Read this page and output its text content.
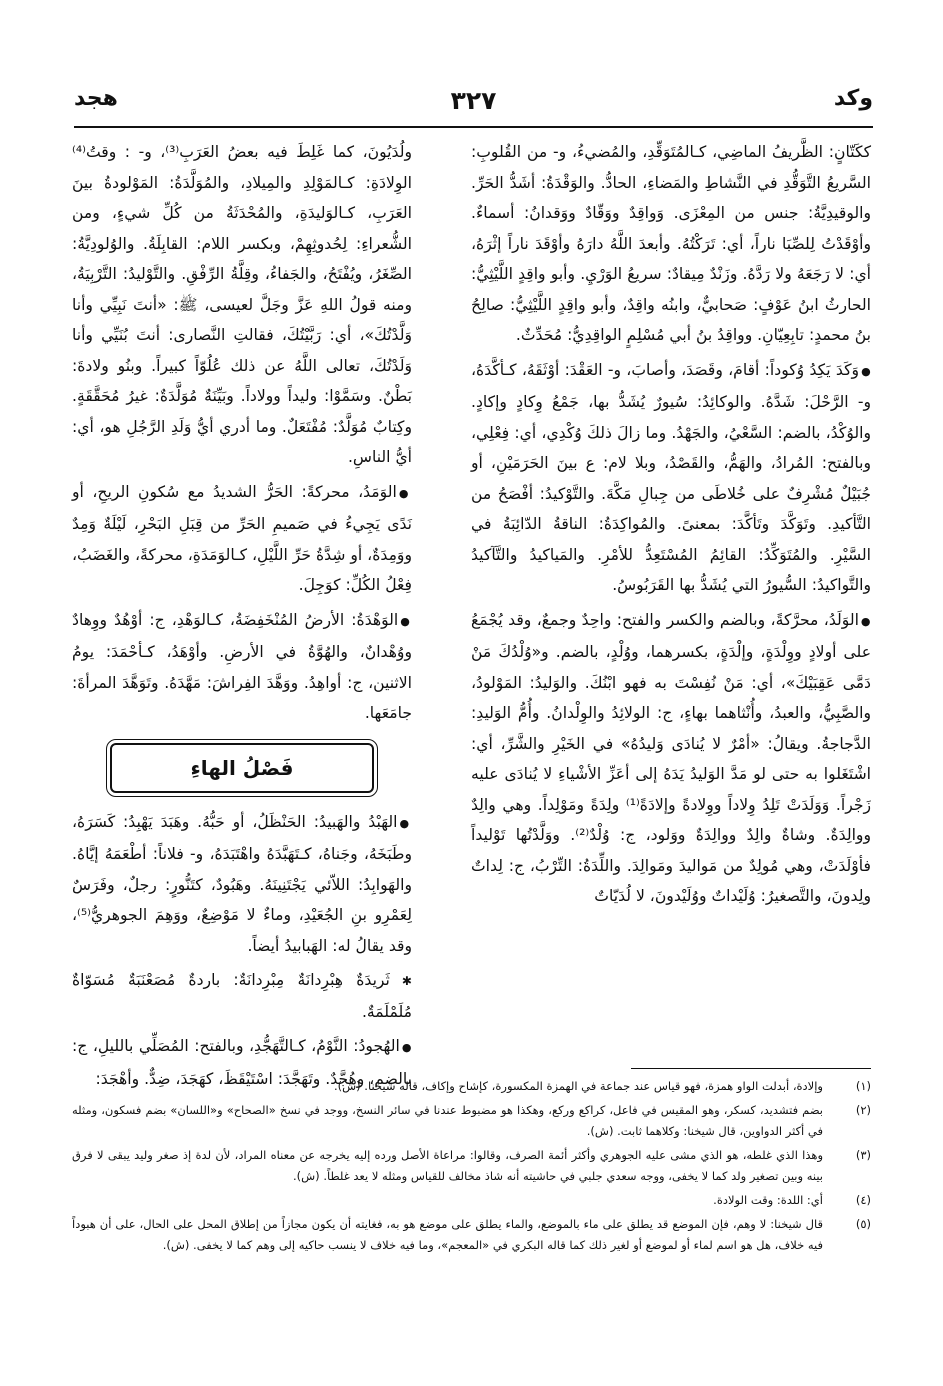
هجد	٣٢٧	وكد

ككَتّانٍ: الظَّريفُ الماضِي، كـالمُتَوَقِّدِ، والمُضيءُ، و- من القُلوبِ: السَّريعُ التَّوَقُّدِ في النَّشاطِ والمَضاءِ، الحادُّ. والوَقْدَةُ: أشَدُّ الحَرِّ. والوقيدِيَّةُ: جنس من المِعْزَى. وَواقِدٌ ووَقّادٌ ووَقدانُ: أسماءٌ. وأوْقَدْتُ لِلصِّبَا ناراً، أي: تَرَكْتُهُ. وأبعدَ اللَّهُ دارَهُ وأوْقَدَ ناراً إثْرَهُ، أي: لا رَجَعَهُ ولا رَدَّهُ. وزَنْدٌ مِيقادٌ: سريعُ الوَرْيِ. وأبو واقِدٍ اللَّيْثِيُّ: الحارثُ ابنُ عَوْفٍ: صَحابيٌّ، وابنُه واقِدٌ، وأبو واقِدٍ اللَّيْثِيُّ: صالِحُ بنُ محمدٍ: تابِعِيّانِ. وواقِدُ بنُ أبي مُسْلِمٍ الواقِدِيُّ: مُحَدِّثٌ.

● وَكَدَ يَكِدُ وُكوداً: أقامَ، وقَصَدَ، وأصابَ، و- العَقْدَ: أوْثَقَهُ، كـأكَّدَهُ، و- الرَّحْلَ: شَدَّهُ. والوكائِدُ: سُيورٌ يُشَدُّ بها، جَمْعُ وِكادٍ وإكادٍ. والوُكْدُ، بالضم: السَّعْيُ، والجَهْدُ. وما زالَ ذلكَ وُكْدِي، أي: فِعْلِي، وبالفتح: المُرادُ، والهَمُّ، والقَصْدُ، وبلا لام: ع بينَ الحَرَمَيْنِ، أو جُبَيْلٌ مُشْرِفٌ على خُلاطَى من جِبالِ مَكَّةَ. والتَّوْكيدُ: أفْصَحُ من التَّأكيدِ. وتَوَكَّدَ وتَأكَّدَ: بمعنىً. والمُواكِدَةُ: الناقةُ الدّائِبَةُ في السَّيْرِ. والمُتَوَكِّدُ: القائِمُ المُسْتَعِدُّ للأمْرِ. والمَياكيدُ والتَّآكيدُ والتَّواكيدُ: السُّيورُ التي يُشَدُّ بها القَرَبُوسُ.

● الوَلَدُ، محرَّكةً، وبالضم والكسر والفتح: واحِدٌ وجمعٌ، وقد يُجْمَعُ على أولادٍ ووِلْدَةٍ، وإلْدَةٍ، بكسرهما، ووُلْدٍ، بالضم. و«وُلْدُكَ مَنْ دَمَّى عَقِبَيْكَ»، أي: مَنْ نُفِسْتَ به فهو ابْنُكَ. والوَليدُ: المَوْلودُ، والصَّبِيُّ، والعبدُ، وأُنْثاهما بهاءٍ، ج: الولائِدُ والوِلْدانُ. وأُمُّ الوَليدِ: الدَّجاجةُ. ويقالُ: «أمْرٌ لا يُنادَى وَليدُهُ» في الخَيْرِ والشَّرِّ، أي: اشْتَغَلوا به حتى لو مَدَّ الوَليدُ يَدَهُ إلى أعَزِّ الأشْياءِ لا يُنادَى عليه زَجْراً. وَوَلَدَتْ تَلِدُ وِلاداً ووِلادةً وإلادَةً⁽¹⁾ ولِدَةً ومَوْلِداً. وهي والِدٌ ووالِدَةٌ. وشاةٌ والِدٌ ووالِدَةٌ ووَلود، ج: وُلْدٌ⁽²⁾. ووَلَّدْتُها تَوْليداً فأوْلَدَتْ، وهي مُولِدٌ من مَواليدَ ومَوالِدَ. واللِّدَةُ: التِّرْبُ، ج: لِداتٌ ولِدونَ، والتَّصغيرُ: وُلَيْداتٌ ووُلَيْدونَ، لا لُدَيّاتٌ

ولُدَيُونَ، كما غَلِطَ فيه بعضُ العَرَبِ⁽³⁾، و- : وقتُ⁽⁴⁾ الوِلادَةِ: كـالمَوْلِدِ والمِيلادِ، والمُوَلَّدَةُ: المَوْلودةُ بينَ العَرَبِ، كـالوَليدَةِ، والمُحْدَثَةُ من كُلِّ شيءٍ، ومن الشُّعراءِ: لِحُدوثِهِمْ، وبكسر اللام: القابِلَةُ. والوُلودِيَّةُ: الصِّغَرُ، ويُفْتَحُ، والجَفاءُ، وقِلَّةُ الرِّفْقِ. والتَّوْليدُ: التَّرْبِيَةُ، ومنه قولُ اللهِ عَزَّ وجَلَّ لعيسى، ﷺ: «أنتَ نَبِيِّي وأنا وَلَّدْتُكَ»، أي: رَبَّيْتُكَ، فقالتِ النَّصارى: أنتَ بُنَيِّي وأنا وَلَدْتُكَ، تعالى اللَّهُ عن ذلك عُلُوّاً كبيراً. وبنُو ولادةَ: بَطْنٌ. وسَمَّوْا: وليداً وولاداً. وبَيِّنَةٌ مُوَلَّدَةٌ: غيرُ مُحَقَّقَةٍ. وكِتابٌ مُوَلَّدٌ: مُفْتَعَلٌ. وما أدري أيُّ وَلَدِ الرَّجُلِ هو، أي: أيُّ الناسِ.

● الوَمَدُ، محركةً: الحَرُّ الشديدُ مع سُكونِ الريحِ، أو نَدًى يَجِيءُ في صَميمِ الحَرِّ من قِبَلِ البَحْرِ، لَيْلَةٌ وَمِدٌ ووَمِدَةٌ، أو شِدَّةُ حَرِّ اللَّيْلِ، كـالوَمَدَةِ، محركةً، والغَضَبُ، فِعْلُ الكُلِّ: كوَجِلَ.

● الوَهْدَةُ: الأرضُ المُنْخَفِضَةُ، كـالوَهْدِ، ج: أوْهُدٌ ووِهادٌ ووُهْدانٌ، والهُوَّةُ في الأرضِ. وأوْهَدُ، كـأحْمَدَ: يومُ الاثنين، ج: أواهِدُ. ووَهَّدَ الفِراشَ: مَهَّدَهُ. وتَوَهَّدَ المرأةَ: جامَعَها.

فَصْلُ الهاءِ

● الهَبْدُ والهَبيدُ: الحَنْظَلُ، أو حَبُّهُ. وهَبَدَ يَهْبِدُ: كَسَرَهُ، وطَبَخَهُ، وجَناهُ، كـتَهَبَّدَهُ واهْتَبَدَهُ، و- فلاناً: أطْعَمَهُ إيَّاهُ. والهَوابِدُ: اللاّئي يَجْتَنِينَهُ. وهَبُودٌ، كتَنُّورٍ: رجلٌ، وفَرَسٌ لِعَمْرِو بنِ الجُعَيْدِ، وماءٌ لا مَوْضِعٌ، ووَهِمَ الجوهريُّ⁽⁵⁾، وقد يقالُ له: الهَبابيدُ أيضاً.

✱ ثَريدَةٌ هِبْرِدانَةٌ مِبْرِدانَةٌ: باردةٌ مُصَعْنَبَةٌ مُسَوّاةٌ مُلَمْلَمَةٌ.

● الهُجودُ: النَّوْمُ، كـالتَّهَجُّدِ، وبالفتح: المُصَلِّي بالليلِ، ج: بالضم، وهُجَّدٌ. وتَهَجَّدَ: اسْتَيْقَظَ، كهَجَدَ، ضِدٌّ. وأهْجَدَ:	(١)
وإلادة، أبدلت الواو همزة، فهو قياس عند جماعة في الهمزة المكسورة، كإشاح وإكاف، قاله شيخنا. (ش).
(٢)
بضم فتشديد، كسكر، وهو المقيس في فاعل، كراكع وركع، وهكذا هو مضبوط عندنا في سائر النسخ، ووجد في نسخ «الصحاح» و«اللسان» بضم فسكون، ومثله في أكثر الدواوين، قال شيخنا: وكلاهما ثابت. (ش).
(٣)
وهذا الذي غلطه، هو الذي مشى عليه الجوهري وأكثر أئمة الصرف، وقالوا: مراعاة الأصل ورده إليه يخرجه عن معناه المراد، لأن لدة إذ صغر وليد يبقى لا فرق بينه وبين تصغير ولد كما لا يخفى، ووجه سعدي جلبي في حاشيته أنه شاذ مخالف للقياس ومثله لا يعد غلطاً. (ش).
(٤)
أي: اللدة: وقت الولادة.
(٥)
قال شيخنا: لا وهم، فإن الموضع قد يطلق على ماء بالموضع، والماء يطلق على موضع هو به، فغايته أن يكون مجازاً من إطلاق المحل على الحال، على أن هبوداً فيه خلاف، هل هو اسم لماء أو لموضع أو لغير ذلك كما قاله البكري في «المعجم»، وما فيه خلاف لا ينسب حاكيه إلى وهم كما لا يخفى. (ش).
